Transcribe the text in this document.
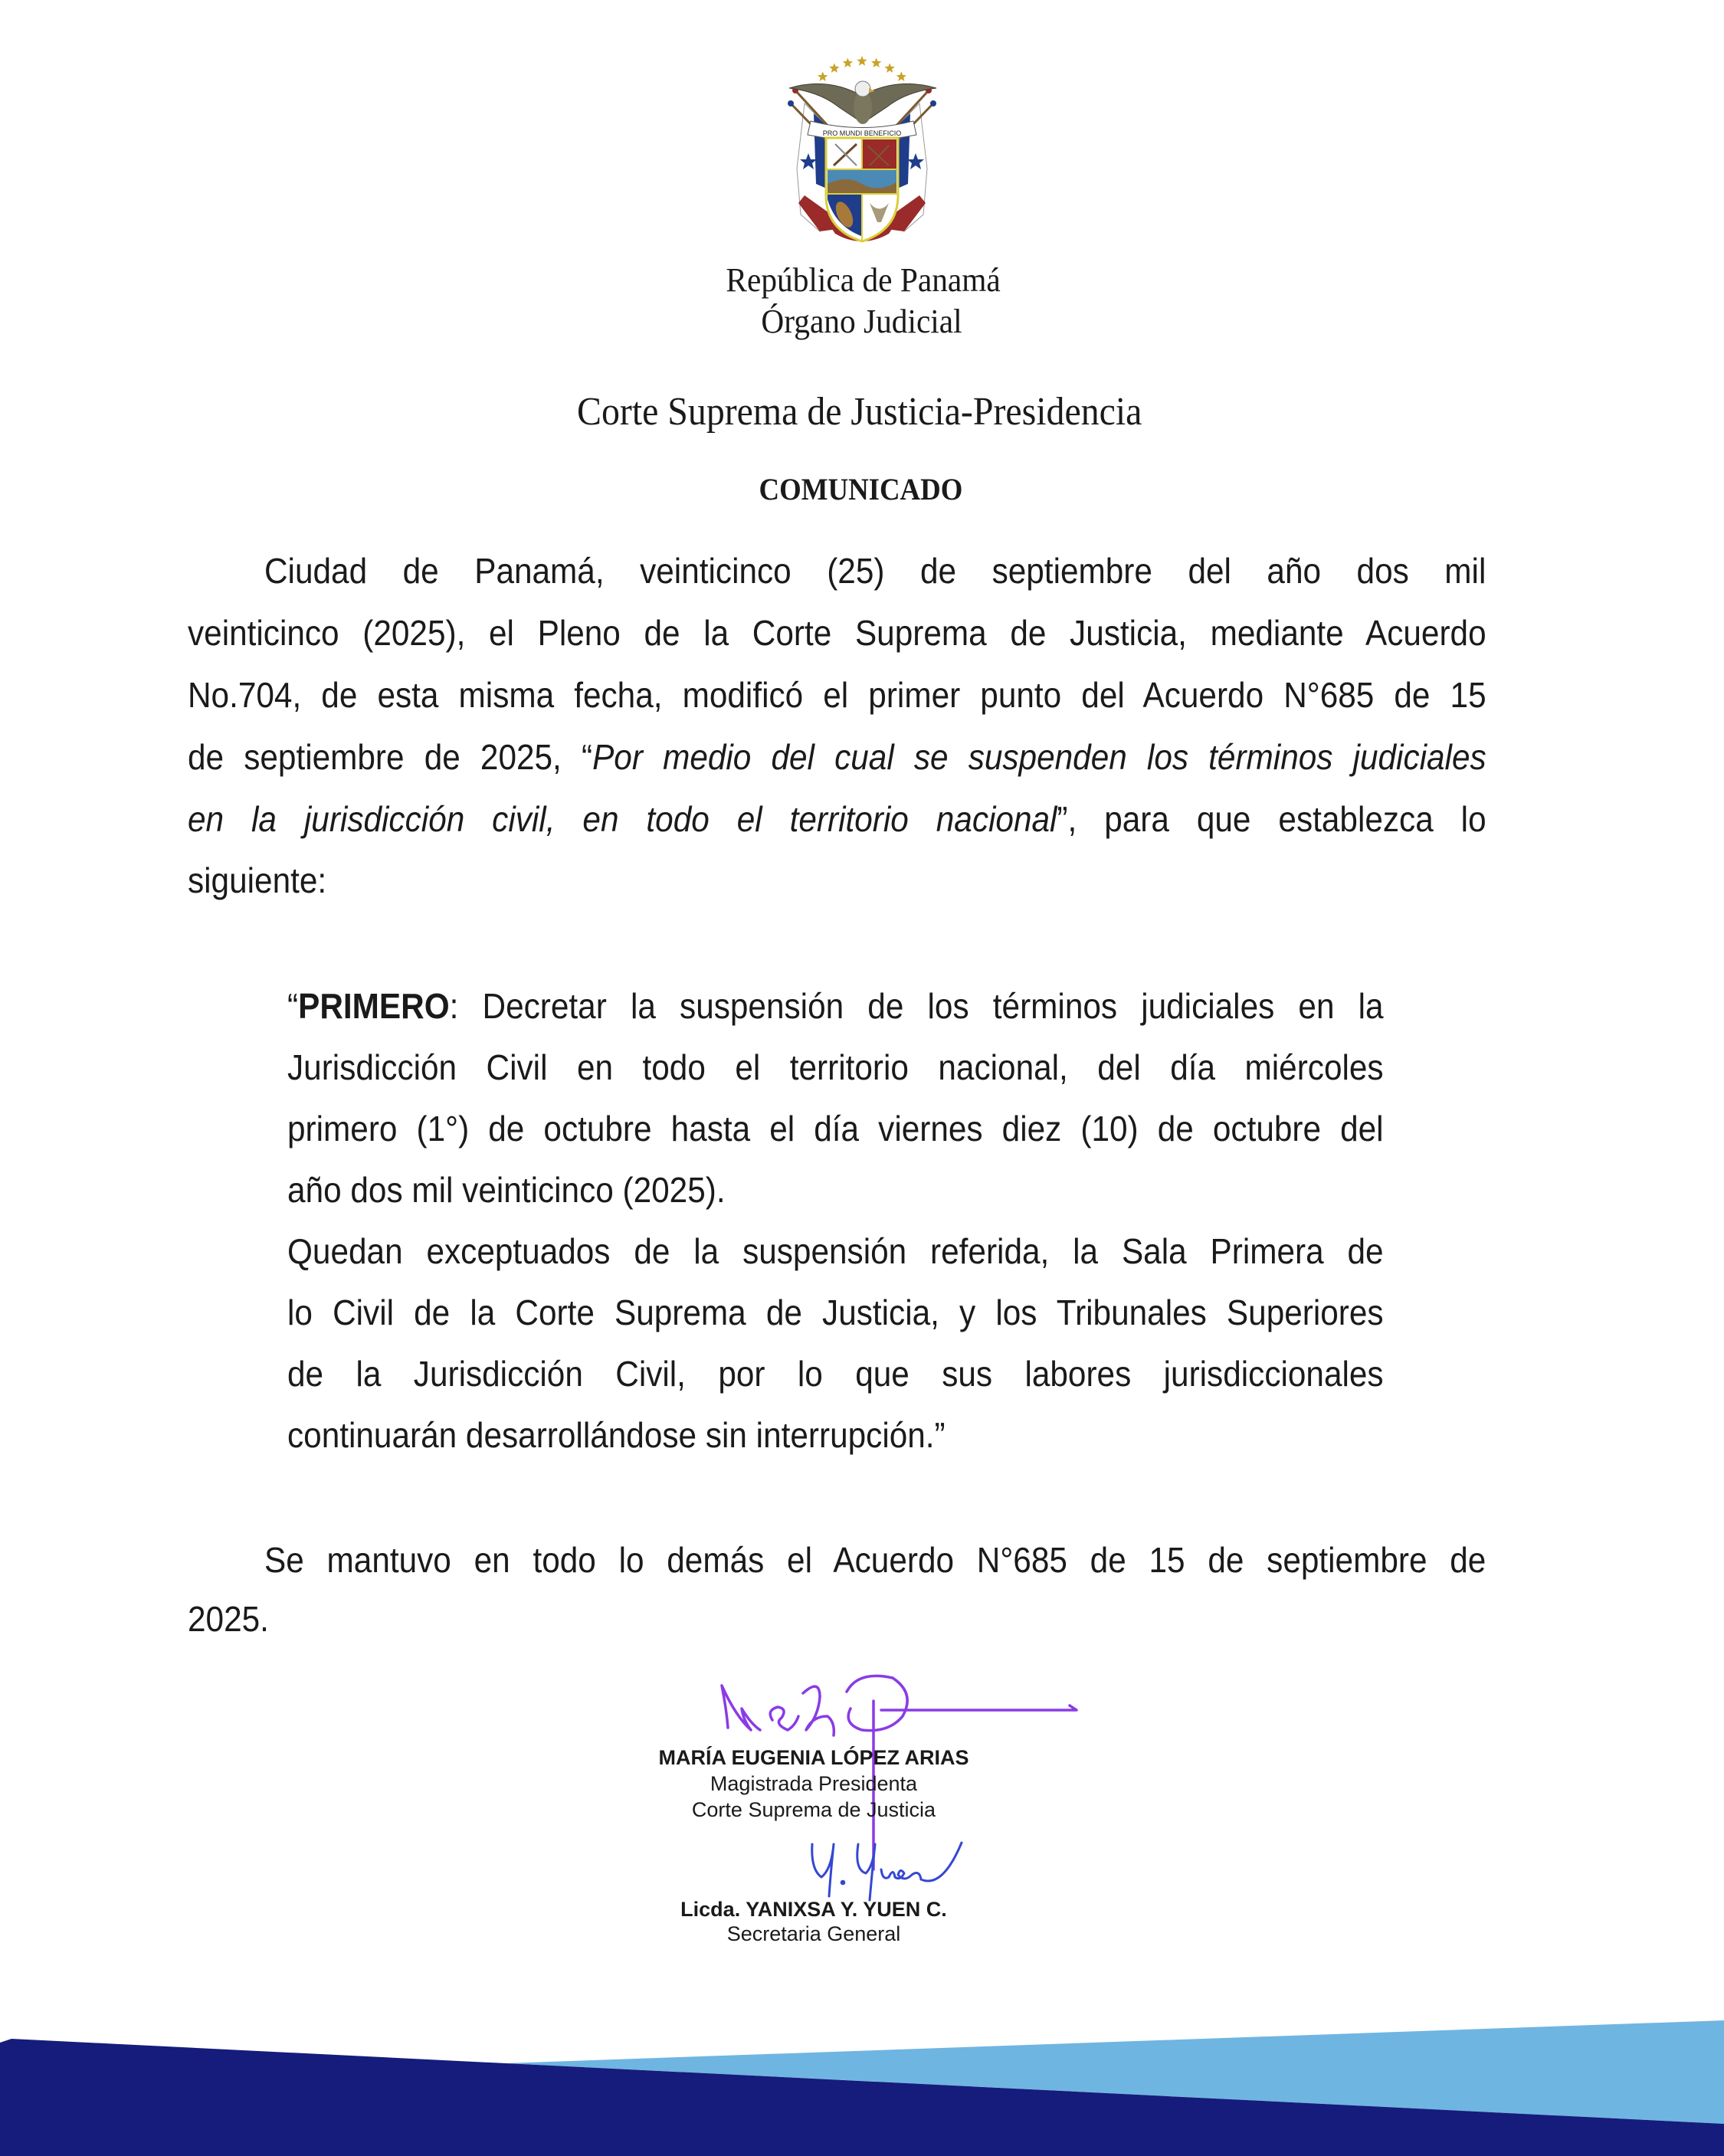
PRO MUNDI BENEFICIO
República de Panamá
Órgano Judicial
Corte Suprema de Justicia-Presidencia
COMUNICADO
Ciudad de Panamá, veinticinco (25) de septiembre del año dos mil
veinticinco (2025), el Pleno de la Corte Suprema de Justicia, mediante Acuerdo
No.704, de esta misma fecha, modificó el primer punto del Acuerdo N°685 de 15
de septiembre de 2025, “Por medio del cual se suspenden los términos judiciales
en la jurisdicción civil, en todo el territorio nacional”, para que establezca lo
siguiente:
“PRIMERO: Decretar la suspensión de los términos judiciales en la
Jurisdicción Civil en todo el territorio nacional, del día miércoles
primero (1°) de octubre hasta el día viernes diez (10) de octubre del
año dos mil veinticinco (2025).
Quedan exceptuados de la suspensión referida, la Sala Primera de
lo Civil de la Corte Suprema de Justicia, y los Tribunales Superiores
de la Jurisdicción Civil, por lo que sus labores jurisdiccionales
continuarán desarrollándose sin interrupción.”
Se mantuvo en todo lo demás el Acuerdo N°685 de 15 de septiembre de
2025.
MARÍA EUGENIA LÓPEZ ARIAS
Magistrada Presidenta
Corte Suprema de Justicia
Licda. YANIXSA Y. YUEN C.
Secretaria General
